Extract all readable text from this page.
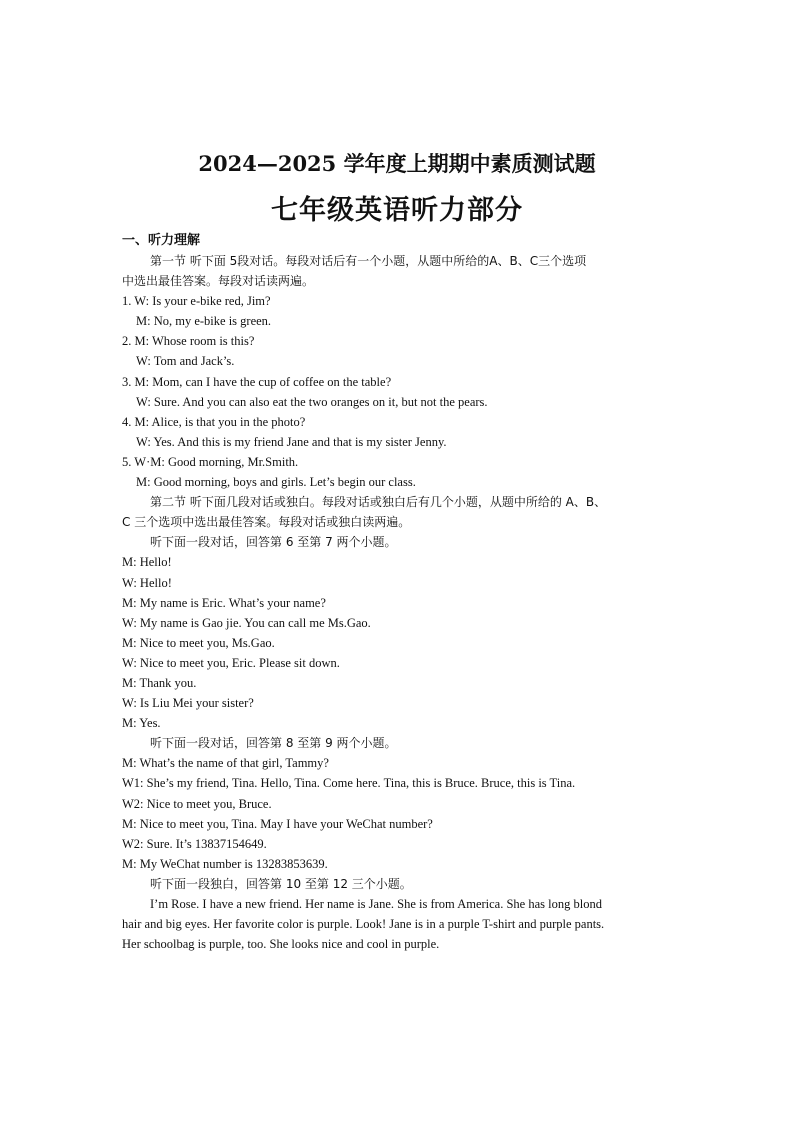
2024—2025 学年度上期期中素质测试题
七年级英语听力部分
一、听力理解
第一节 听下面 5段对话。每段对话后有一个小题，从题中所给的A、B、C三个选项
中选出最佳答案。每段对话读两遍。
1. W: Is your e-bike red, Jim?
M: No, my e-bike is green.
2. M: Whose room is this?
W: Tom and Jack’s.
3. M: Mom, can I have the cup of coffee on the table?
W: Sure. And you can also eat the two oranges on it, but not the pears.
4. M: Alice, is that you in the photo?
W: Yes. And this is my friend Jane and that is my sister Jenny.
5. W·M: Good morning, Mr.Smith.
M: Good morning, boys and girls. Let’s begin our class.
第二节 听下面几段对话或独白。每段对话或独白后有几个小题，从题中所给的 A、B、
C 三个选项中选出最佳答案。每段对话或独白读两遍。
听下面一段对话，回答第 6 至第 7 两个小题。
M: Hello!
W: Hello!
M: My name is Eric. What’s your name?
W: My name is Gao jie. You can call me Ms.Gao.
M: Nice to meet you, Ms.Gao.
W: Nice to meet you, Eric. Please sit down.
M: Thank you.
W: Is Liu Mei your sister?
M: Yes.
听下面一段对话，回答第 8 至第 9 两个小题。
M: What’s the name of that girl, Tammy?
W1: She’s my friend, Tina. Hello, Tina. Come here. Tina, this is Bruce. Bruce, this is Tina.
W2: Nice to meet you, Bruce.
M: Nice to meet you, Tina. May I have your WeChat number?
W2: Sure. It’s 13837154649.
M: My WeChat number is 13283853639.
听下面一段独白，回答第 10 至第 12 三个小题。
I’m Rose. I have a new friend. Her name is Jane. She is from America. She has long blond
hair and big eyes. Her favorite color is purple. Look! Jane is in a purple T-shirt and purple pants.
Her schoolbag is purple, too. She looks nice and cool in purple.
